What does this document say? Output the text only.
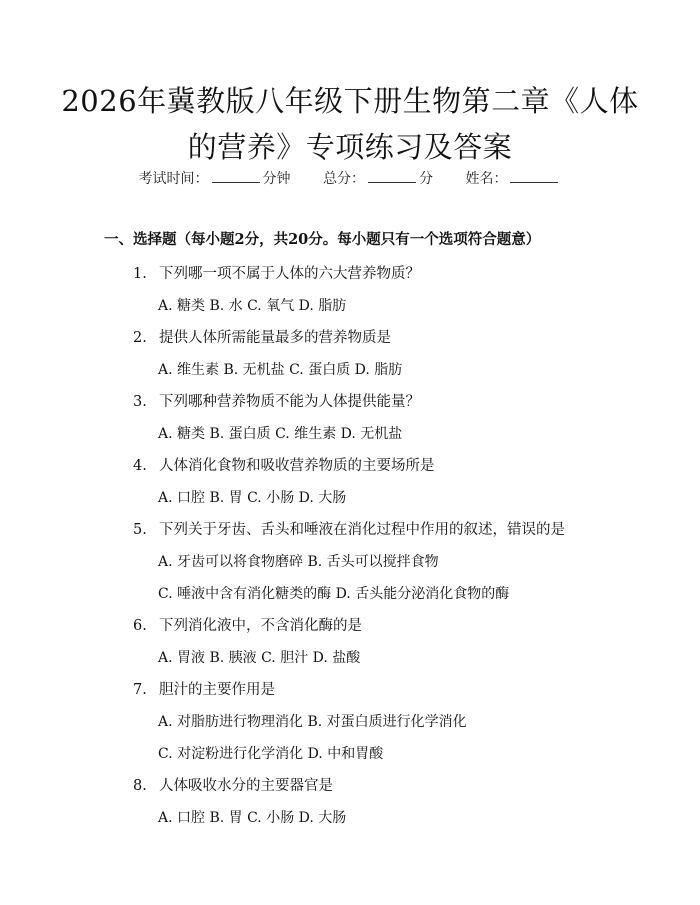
2026年冀教版八年级下册生物第二章《人体
的营养》专项练习及答案
考试时间：	分钟 总分：	分 姓名：
一、选择题（每小题2分，共20分。每小题只有一个选项符合题意）
1. 下列哪一项不属于人体的六大营养物质？
A. 糖类 B. 水 C. 氧气 D. 脂肪
2. 提供人体所需能量最多的营养物质是
A. 维生素 B. 无机盐 C. 蛋白质 D. 脂肪
3. 下列哪种营养物质不能为人体提供能量？
A. 糖类 B. 蛋白质 C. 维生素 D. 无机盐
4. 人体消化食物和吸收营养物质的主要场所是
A. 口腔 B. 胃 C. 小肠 D. 大肠
5. 下列关于牙齿、舌头和唾液在消化过程中作用的叙述，错误的是
A. 牙齿可以将食物磨碎 B. 舌头可以搅拌食物
C. 唾液中含有消化糖类的酶 D. 舌头能分泌消化食物的酶
6. 下列消化液中，不含消化酶的是
A. 胃液 B. 胰液 C. 胆汁 D. 盐酸
7. 胆汁的主要作用是
A. 对脂肪进行物理消化 B. 对蛋白质进行化学消化
C. 对淀粉进行化学消化 D. 中和胃酸
8. 人体吸收水分的主要器官是
A. 口腔 B. 胃 C. 小肠 D. 大肠
